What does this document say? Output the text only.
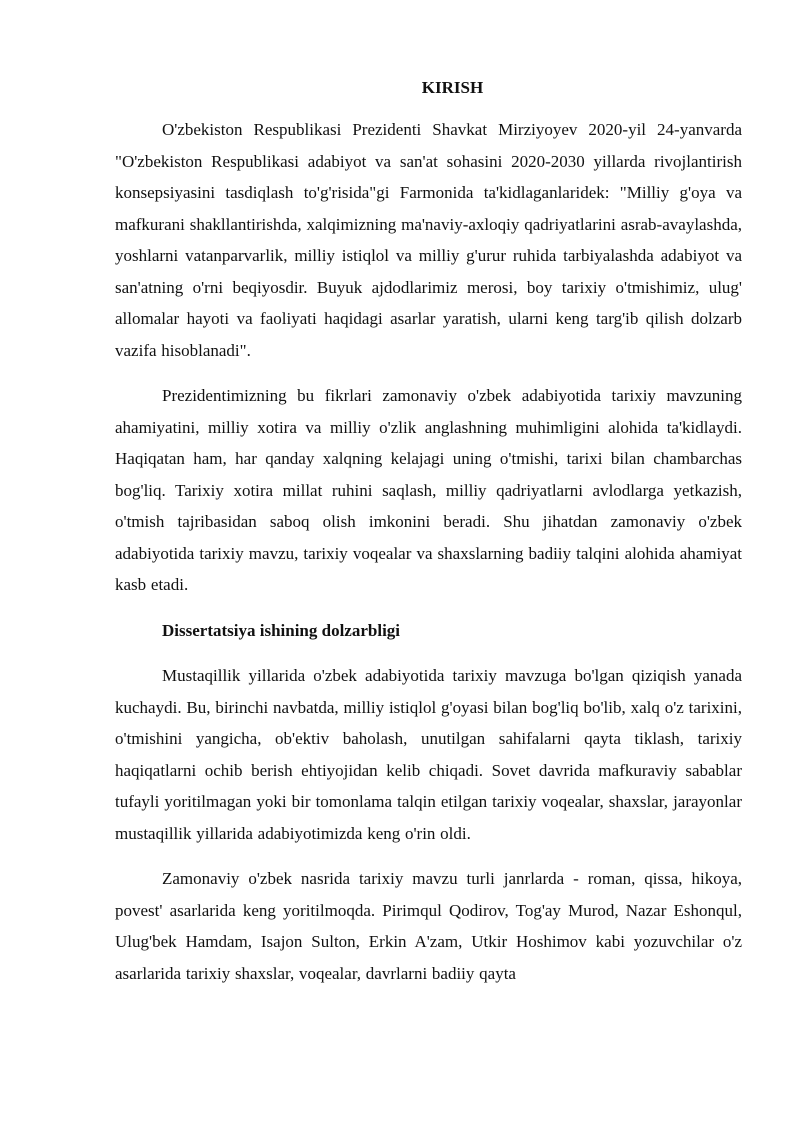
KIRISH

O'zbekiston Respublikasi Prezidenti Shavkat Mirziyoyev 2020-yil 24-yanvarda "O'zbekiston Respublikasi adabiyot va san'at sohasini 2020-2030 yillarda rivojlantirish konsepsiyasini tasdiqlash to'g'risida"gi Farmonida ta'kidlaganlaridek: "Milliy g'oya va mafkurani shakllantirishda, xalqimizning ma'naviy-axloqiy qadriyatlarini asrab-avaylashda, yoshlarni vatanparvarlik, milliy istiqlol va milliy g'urur ruhida tarbiyalashda adabiyot va san'atning o'rni beqiyosdir. Buyuk ajdodlarimiz merosi, boy tarixiy o'tmishimiz, ulug' allomalar hayoti va faoliyati haqidagi asarlar yaratish, ularni keng targ'ib qilish dolzarb vazifa hisoblanadi".

Prezidentimizning bu fikrlari zamonaviy o'zbek adabiyotida tarixiy mavzuning ahamiyatini, milliy xotira va milliy o'zlik anglashning muhimligini alohida ta'kidlaydi. Haqiqatan ham, har qanday xalqning kelajagi uning o'tmishi, tarixi bilan chambarchas bog'liq. Tarixiy xotira millat ruhini saqlash, milliy qadriyatlarni avlodlarga yetkazish, o'tmish tajribasidan saboq olish imkonini beradi. Shu jihatdan zamonaviy o'zbek adabiyotida tarixiy mavzu, tarixiy voqealar va shaxslarning badiiy talqini alohida ahamiyat kasb etadi.

Dissertatsiya ishining dolzarbligi

Mustaqillik yillarida o'zbek adabiyotida tarixiy mavzuga bo'lgan qiziqish yanada kuchaydi. Bu, birinchi navbatda, milliy istiqlol g'oyasi bilan bog'liq bo'lib, xalq o'z tarixini, o'tmishini yangicha, ob'ektiv baholash, unutilgan sahifalarni qayta tiklash, tarixiy haqiqatlarni ochib berish ehtiyojidan kelib chiqadi. Sovet davrida mafkuraviy sabablar tufayli yoritilmagan yoki bir tomonlama talqin etilgan tarixiy voqealar, shaxslar, jarayonlar mustaqillik yillarida adabiyotimizda keng o'rin oldi.

Zamonaviy o'zbek nasrida tarixiy mavzu turli janrlarda - roman, qissa, hikoya, povest' asarlarida keng yoritilmoqda. Pirimqul Qodirov, Tog'ay Murod, Nazar Eshonqul, Ulug'bek Hamdam, Isajon Sulton, Erkin A'zam, Utkir Hoshimov kabi yozuvchilar o'z asarlarida tarixiy shaxslar, voqealar, davrlarni badiiy qayta
